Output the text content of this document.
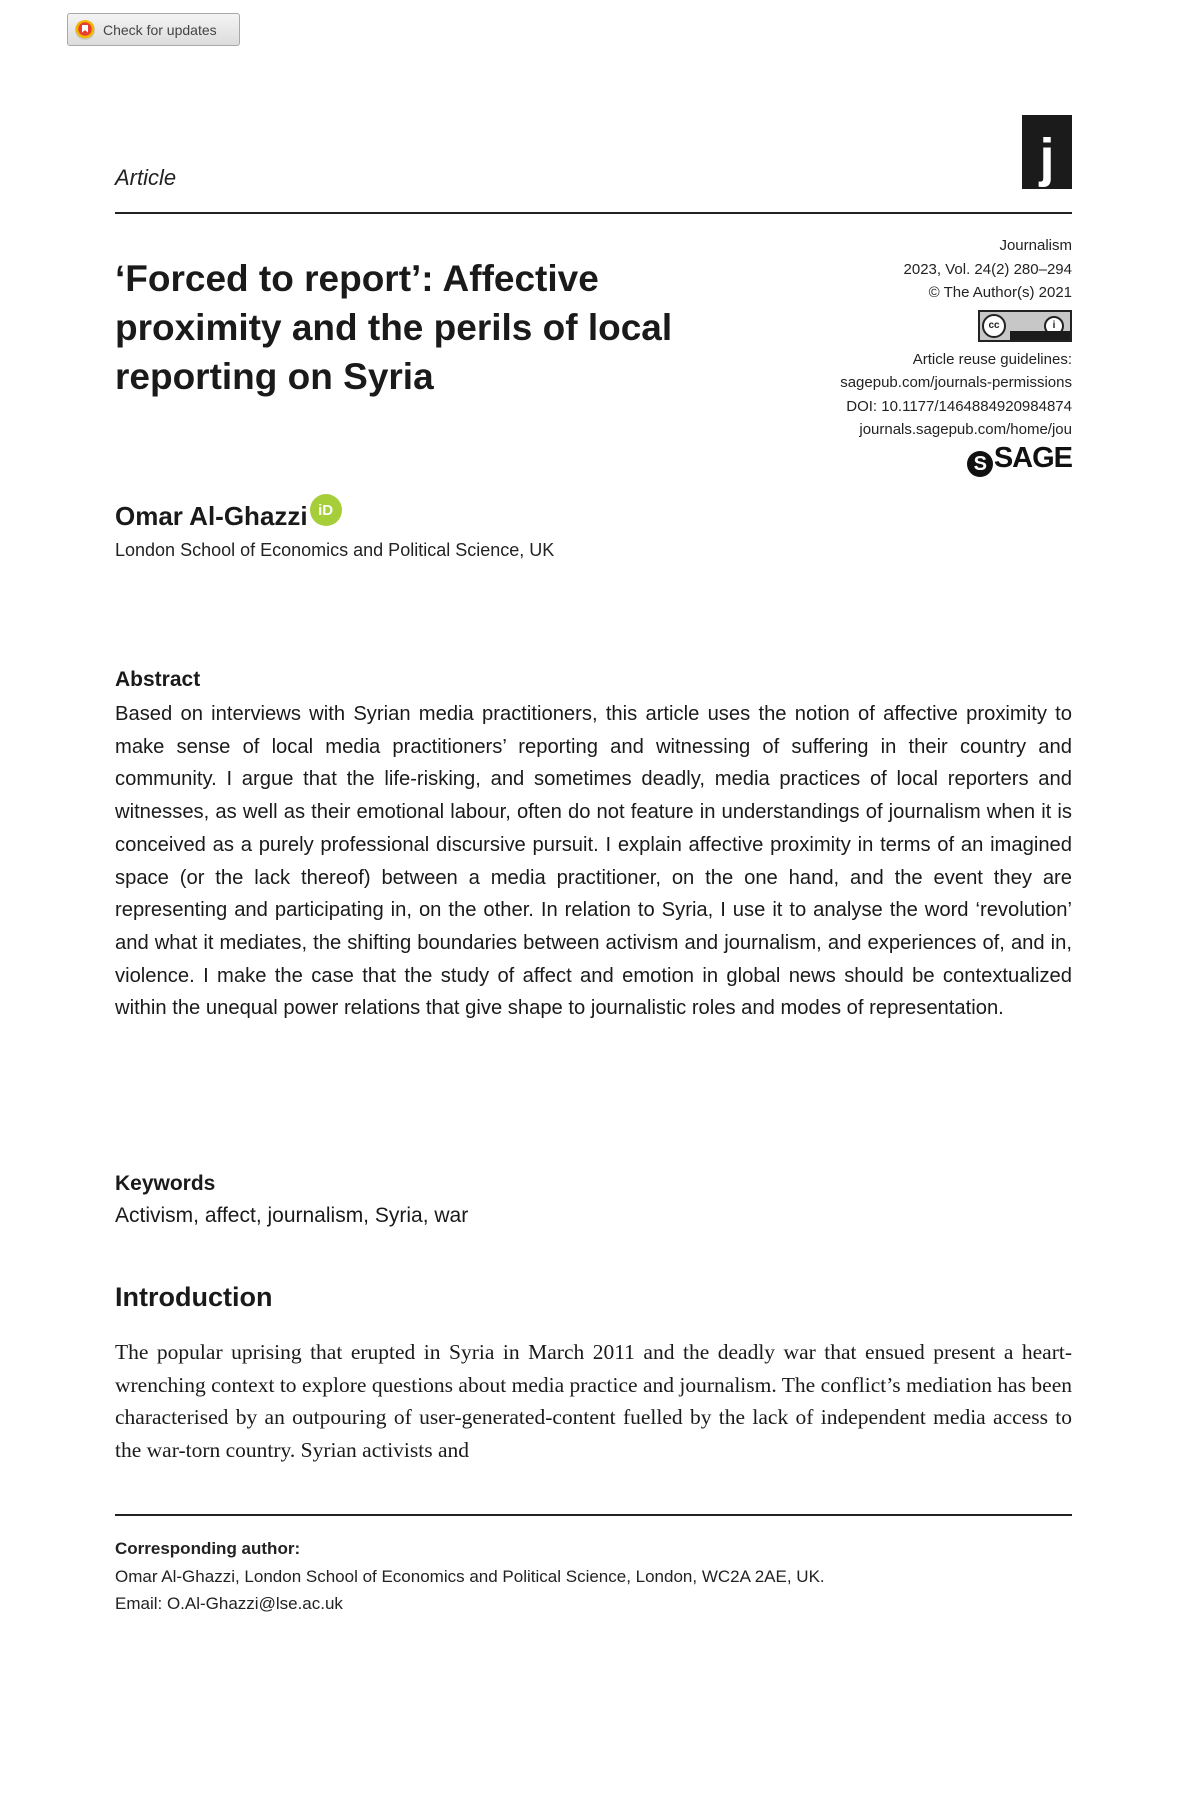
Check for updates
Article	j
‘Forced to report’: Affective proximity and the perils of local reporting on Syria
Journalism
2023, Vol. 24(2) 280–294
© The Author(s) 2021
cc	i
Article reuse guidelines:
sagepub.com/journals-permissions
DOI: 10.1177/14648849209848​74
journals.sagepub.com/home/jou
S SAGE
Omar Al-Ghazzi iD
London School of Economics and Political Science, UK
Abstract

Based on interviews with Syrian media practitioners, this article uses the notion of affective proximity to make sense of local media practitioners’ reporting and witnessing of suffering in their country and community. I argue that the life-risking, and sometimes deadly, media practices of local reporters and witnesses, as well as their emotional labour, often do not feature in understandings of journalism when it is conceived as a purely professional discursive pursuit. I explain affective proximity in terms of an imagined space (or the lack thereof) between a media practitioner, on the one hand, and the event they are representing and participating in, on the other. In relation to Syria, I use it to analyse the word ‘revolution’ and what it mediates, the shifting boundaries between activism and journalism, and experiences of, and in, violence. I make the case that the study of affect and emotion in global news should be contextualized within the unequal power relations that give shape to journalistic roles and modes of representation.

Keywords
Activism, affect, journalism, Syria, war
Introduction

The popular uprising that erupted in Syria in March 2011 and the deadly war that ensued present a heart-wrenching context to explore questions about media practice and journalism. The conflict’s mediation has been characterised by an outpouring of user-generated-content fuelled by the lack of independent media access to the war-torn country. Syrian activists and

Corresponding author:
Omar Al-Ghazzi, London School of Economics and Political Science, London, WC2A 2AE, UK.
Email: O.Al-Ghazzi@lse.ac.uk
